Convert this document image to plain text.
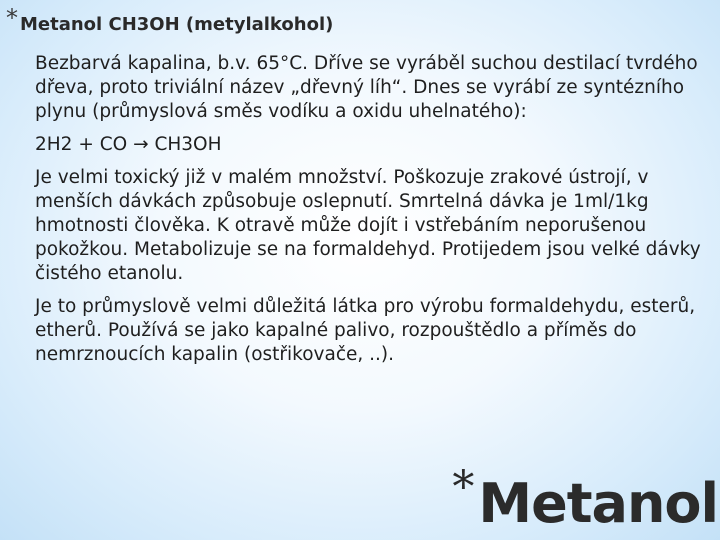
* Metanol CH3OH (metylalkohol)

Bezbarvá kapalina, b.v. 65°C. Dříve se vyráběl suchou destilací tvrdého dřeva, proto triviální název „dřevný líh“. Dnes se vyrábí ze syntézního plynu (průmyslová směs vodíku a oxidu uhelnatého):

2H2 + CO → CH3OH

Je velmi toxický již v malém množství. Poškozuje zrakové ústrojí, v menších dávkách způsobuje oslepnutí. Smrtelná dávka je 1ml/1kg hmotnosti člověka. K otravě může dojít i vstřebáním neporušenou pokožkou. Metabolizuje se na formaldehyd. Protijedem jsou velké dávky čistého etanolu.

Je to průmyslově velmi důležitá látka pro výrobu formaldehydu, esterů, etherů. Používá se jako kapalné palivo, rozpouštědlo a příměs do nemrznoucích kapalin (ostřikovače, ..).

* Metanol
